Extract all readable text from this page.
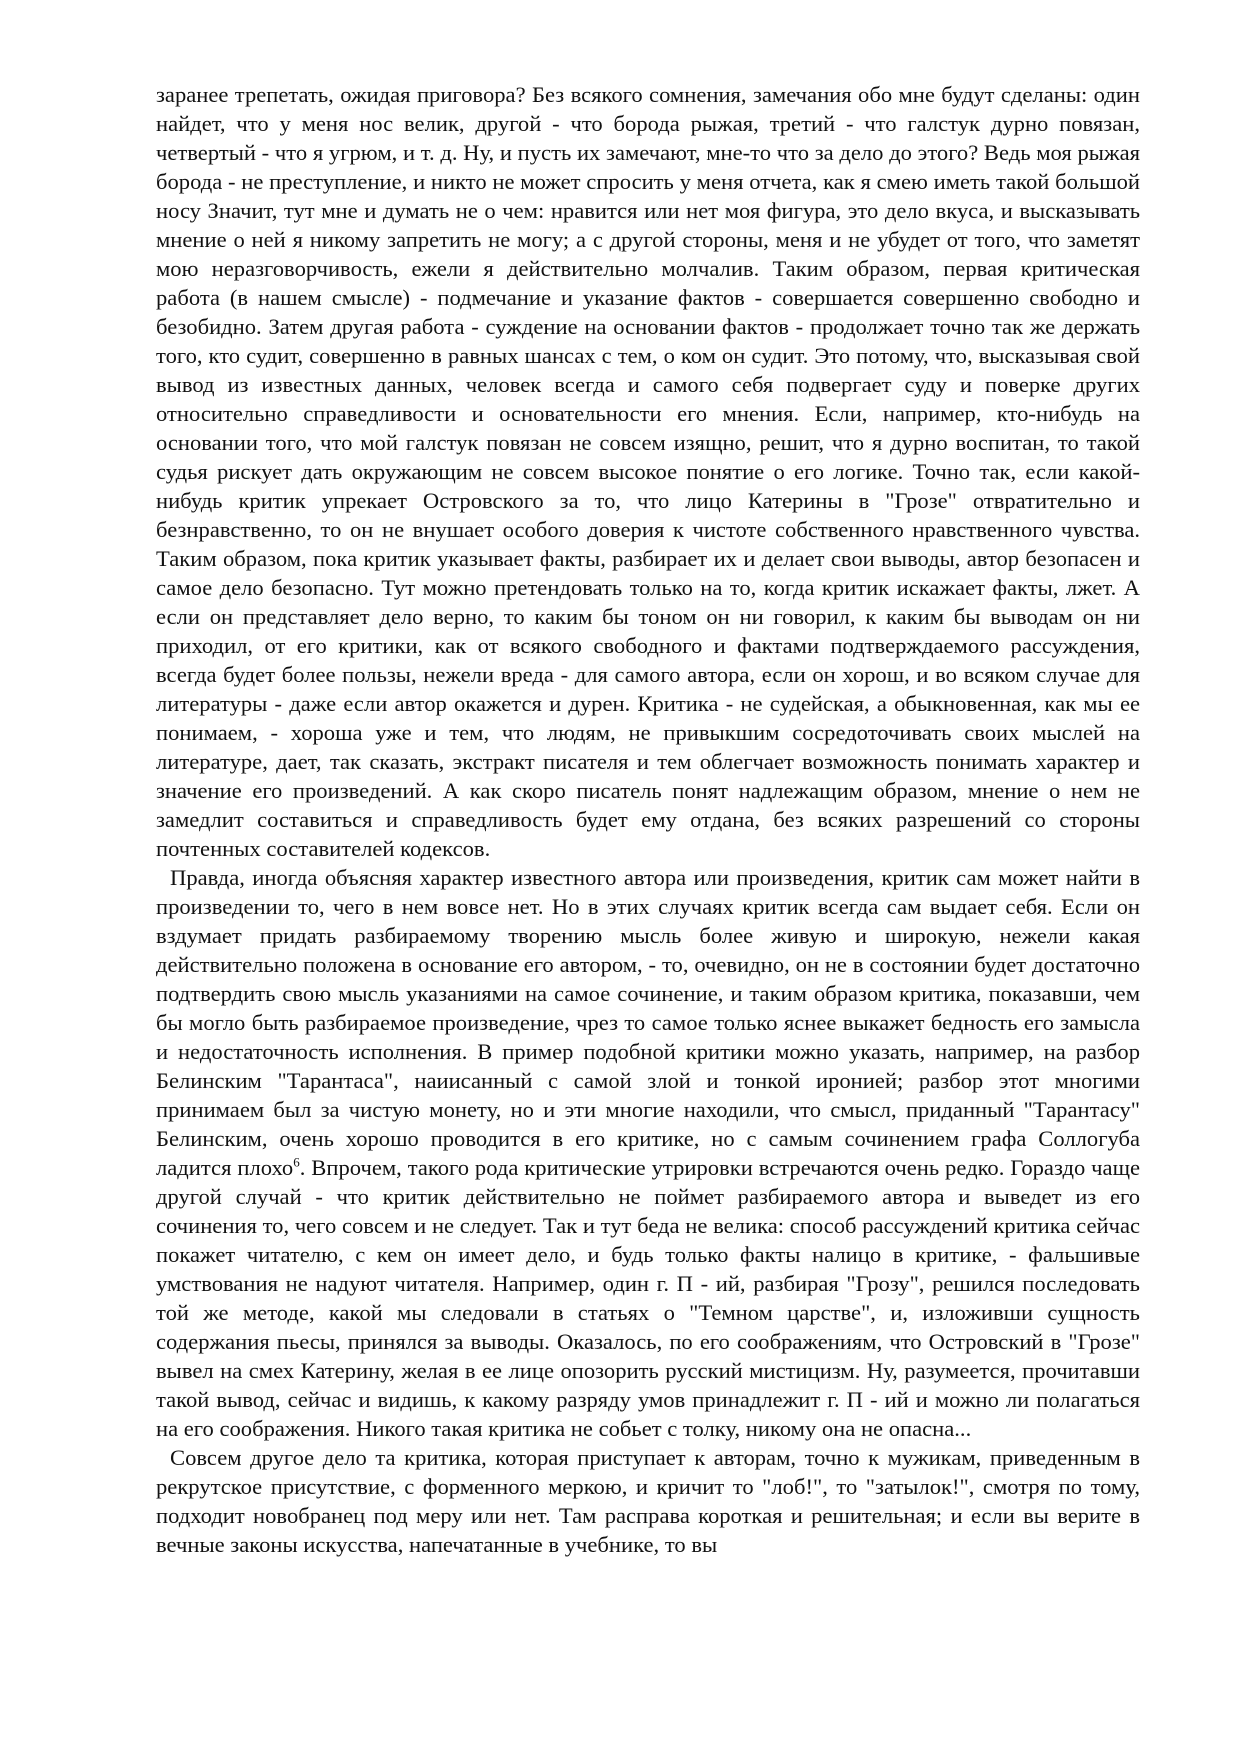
заранее трепетать, ожидая приговора? Без всякого сомнения, замечания обо мне будут сделаны: один найдет, что у меня нос велик, другой - что борода рыжая, третий - что галстук дурно повязан, четвертый - что я угрюм, и т. д. Ну, и пусть их замечают, мне-то что за дело до этого? Ведь моя рыжая борода - не преступление, и никто не может спросить у меня отчета, как я смею иметь такой большой носу Значит, тут мне и думать не о чем: нравится или нет моя фигура, это дело вкуса, и высказывать мнение о ней я никому запретить не могу; а с другой стороны, меня и не убудет от того, что заметят мою неразговорчивость, ежели я действительно молчалив. Таким образом, первая критическая работа (в нашем смысле) - подмечание и указание фактов - совершается совершенно свободно и безобидно. Затем другая работа - суждение на основании фактов - продолжает точно так же держать того, кто судит, совершенно в равных шансах с тем, о ком он судит. Это потому, что, высказывая свой вывод из известных данных, человек всегда и самого себя подвергает суду и поверке других относительно справедливости и основательности его мнения. Если, например, кто-нибудь на основании того, что мой галстук повязан не совсем изящно, решит, что я дурно воспитан, то такой судья рискует дать окружающим не совсем высокое понятие о его логике. Точно так, если какой-нибудь критик упрекает Островского за то, что лицо Катерины в "Грозе" отвратительно и безнравственно, то он не внушает особого доверия к чистоте собственного нравственного чувства. Таким образом, пока критик указывает факты, разбирает их и делает свои выводы, автор безопасен и самое дело безопасно. Тут можно претендовать только на то, когда критик искажает факты, лжет. А если он представляет дело верно, то каким бы тоном он ни говорил, к каким бы выводам он ни приходил, от его критики, как от всякого свободного и фактами подтверждаемого рассуждения, всегда будет более пользы, нежели вреда - для самого автора, если он хорош, и во всяком случае для литературы - даже если автор окажется и дурен. Критика - не судейская, а обыкновенная, как мы ее понимаем, - хороша уже и тем, что людям, не привыкшим сосредоточивать своих мыслей на литературе, дает, так сказать, экстракт писателя и тем облегчает возможность понимать характер и значение его произведений. А как скоро писатель понят надлежащим образом, мнение о нем не замедлит составиться и справедливость будет ему отдана, без всяких разрешений со стороны почтенных составителей кодексов.

Правда, иногда объясняя характер известного автора или произведения, критик сам может найти в произведении то, чего в нем вовсе нет. Но в этих случаях критик всегда сам выдает себя. Если он вздумает придать разбираемому творению мысль более живую и широкую, нежели какая действительно положена в основание его автором, - то, очевидно, он не в состоянии будет достаточно подтвердить свою мысль указаниями на самое сочинение, и таким образом критика, показавши, чем бы могло быть разбираемое произведение, чрез то самое только яснее выкажет бедность его замысла и недостаточность исполнения. В пример подобной критики можно указать, например, на разбор Белинским "Тарантаса", наиисанный с самой злой и тонкой иронией; разбор этот многими принимаем был за чистую монету, но и эти многие находили, что смысл, приданный "Тарантасу" Белинским, очень хорошо проводится в его критике, но с самым сочинением графа Соллогуба ладится плохо$^6$. Впрочем, такого рода критические утрировки встречаются очень редко. Гораздо чаще другой случай - что критик действительно не поймет разбираемого автора и выведет из его сочинения то, чего совсем и не следует. Так и тут беда не велика: способ рассуждений критика сейчас покажет читателю, с кем он имеет дело, и будь только факты налицо в критике, - фальшивые умствования не надуют читателя. Например, один г. П - ий, разбирая "Грозу", решился последовать той же методе, какой мы следовали в статьях о "Темном царстве", и, изложивши сущность содержания пьесы, принялся за выводы. Оказалось, по его соображениям, что Островский в "Грозе" вывел на смех Катерину, желая в ее лице опозорить русский мистицизм. Ну, разумеется, прочитавши такой вывод, сейчас и видишь, к какому разряду умов принадлежит г. П - ий и можно ли полагаться на его соображения. Никого такая критика не собьет с толку, никому она не опасна...

Совсем другое дело та критика, которая приступает к авторам, точно к мужикам, приведенным в рекрутское присутствие, с форменного меркою, и кричит то "лоб!", то "затылок!", смотря по тому, подходит новобранец под меру или нет. Там расправа короткая и решительная; и если вы верите в вечные законы искусства, напечатанные в учебнике, то вы
